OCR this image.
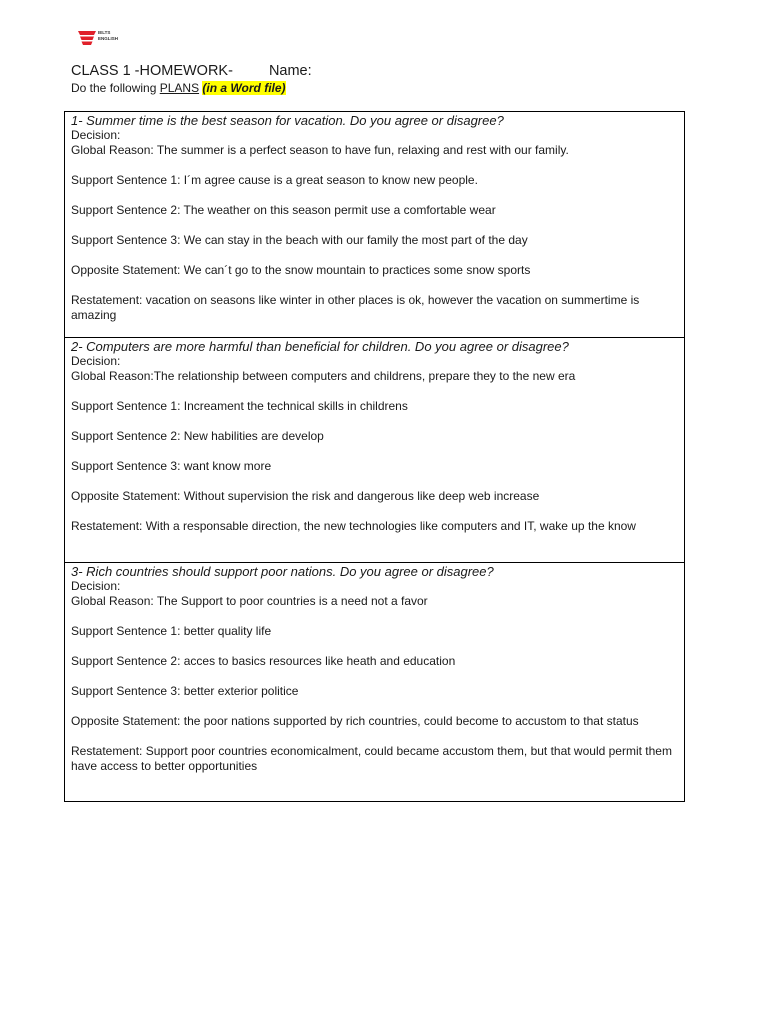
IELTS
ENGLISH
CLASS 1 -HOMEWORK- Name:
Do the following PLANS (in a Word file)
1- Summer time is the best season for vacation. Do you agree or disagree?
Decision:
Global Reason: The summer is a perfect season to have fun, relaxing and rest with our family.
Support Sentence 1: I´m agree cause is a great season to know new people.
Support Sentence 2: The weather on this season permit use a comfortable wear
Support Sentence 3: We can stay in the beach with our family the most part of the day
Opposite Statement: We can´t go to the snow mountain to practices some snow sports
Restatement: vacation on seasons like winter in other places is ok, however the vacation on summertime is amazing
2- Computers are more harmful than beneficial for children. Do you agree or disagree?
Decision:
Global Reason:The relationship between computers and childrens, prepare they to the new era
Support Sentence 1: Increament the technical skills in childrens
Support Sentence 2: New habilities are develop
Support Sentence 3: want know more
Opposite Statement: Without supervision the risk and dangerous like deep web increase
Restatement: With a responsable direction, the new technologies like computers and IT, wake up the know
3- Rich countries should support poor nations. Do you agree or disagree?
Decision:
Global Reason: The Support to poor countries is a need not a favor
Support Sentence 1: better quality life
Support Sentence 2: acces to basics resources like heath and education
Support Sentence 3: better exterior politice
Opposite Statement: the poor nations supported by rich countries, could become to accustom to that status
Restatement: Support poor countries economicalment, could became accustom them, but that would permit them have access to better opportunities
